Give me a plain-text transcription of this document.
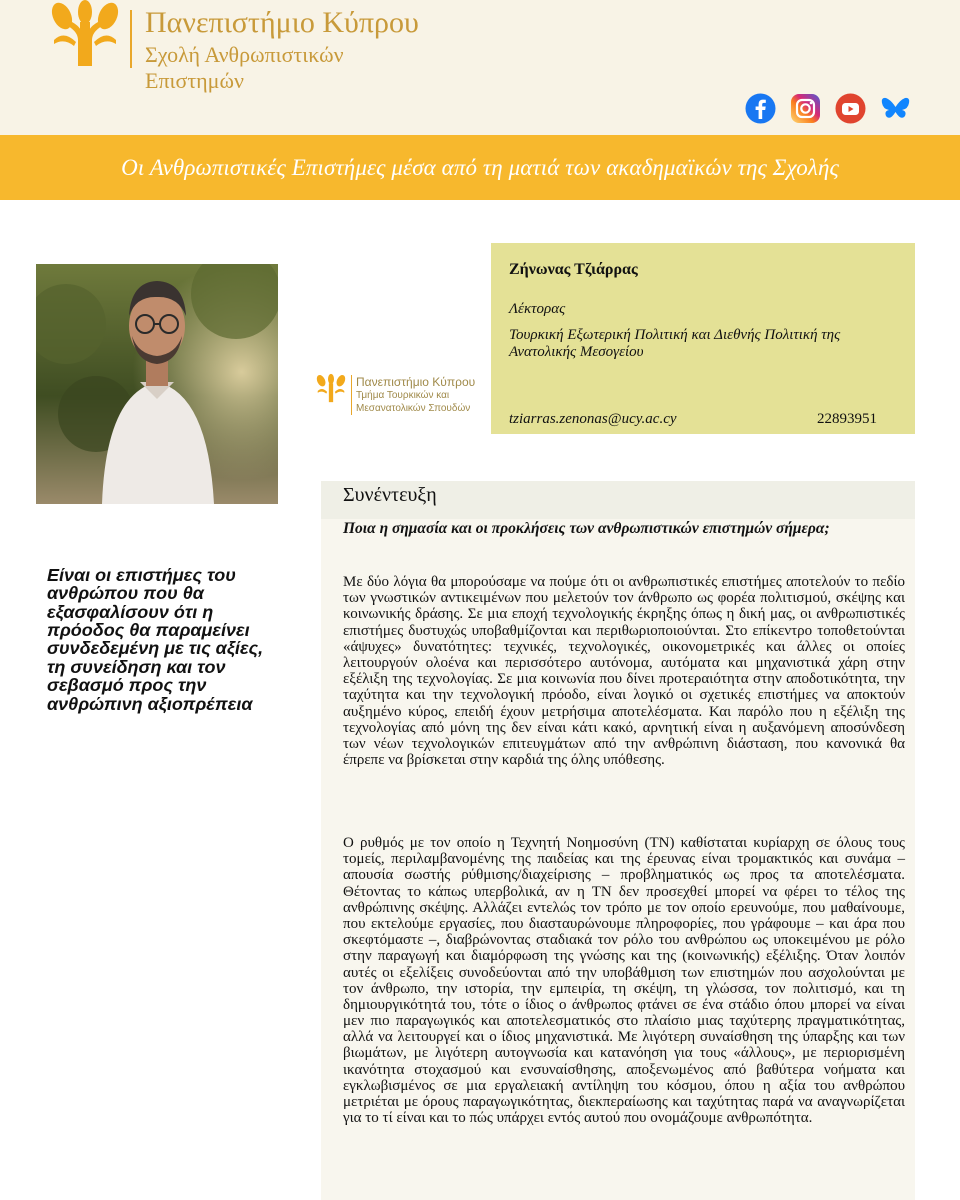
Πανεπιστήμιο Κύπρου
Σχολή Ανθρωπιστικών Επιστημών
Οι Ανθρωπιστικές Επιστήμες μέσα από τη ματιά των ακαδημαϊκών της Σχολής
Πανεπιστήμιο Κύπρου
Τμήμα Τουρκικών και Μεσανατολικών Σπουδών
Ζήνωνας Τζιάρρας
Λέκτορας
Τουρκική Εξωτερική Πολιτική και Διεθνής Πολιτική της Ανατολικής Μεσογείου
tziarras.zenonas@ucy.ac.cy	22893951
Συνέντευξη
Ποια η σημασία και οι προκλήσεις των ανθρωπιστικών επιστημών σήμερα;
Με δύο λόγια θα μπορούσαμε να πούμε ότι οι ανθρωπιστικές επιστήμες αποτελούν το πεδίο των γνωστικών αντικειμένων που μελετούν τον άνθρωπο ως φορέα πολιτισμού, σκέψης και κοινωνικής δράσης. Σε μια εποχή τεχνολογικής έκρηξης όπως η δική μας, οι ανθρωπιστικές επιστήμες δυστυχώς υποβαθμίζονται και περιθωριοποιούνται. Στο επίκεντρο τοποθετούνται «άψυχες» δυνατότητες: τεχνικές, τεχνολογικές, οικονομετρικές και άλλες οι οποίες λειτουργούν ολοένα και περισσότερο αυτόνομα, αυτόματα και μηχανιστικά χάρη στην εξέλιξη της τεχνολογίας. Σε μια κοινωνία που δίνει προτεραιότητα στην αποδοτικότητα, την ταχύτητα και την τεχνολογική πρόοδο, είναι λογικό οι σχετικές επιστήμες να αποκτούν αυξημένο κύρος, επειδή έχουν μετρήσιμα αποτελέσματα. Και παρόλο που η εξέλιξη της τεχνολογίας από μόνη της δεν είναι κάτι κακό, αρνητική είναι η αυξανόμενη αποσύνδεση των νέων τεχνολογικών επιτευγμάτων από την ανθρώπινη διάσταση, που κανονικά θα έπρεπε να βρίσκεται στην καρδιά της όλης υπόθεσης.
Ο ρυθμός με τον οποίο η Τεχνητή Νοημοσύνη (ΤΝ) καθίσταται κυρίαρχη σε όλους τους τομείς, περιλαμβανομένης της παιδείας και της έρευνας είναι τρομακτικός και συνάμα – απουσία σωστής ρύθμισης/διαχείρισης – προβληματικός ως προς τα αποτελέσματα. Θέτοντας το κάπως υπερβολικά, αν η ΤΝ δεν προσεχθεί μπορεί να φέρει το τέλος της ανθρώπινης σκέψης. Αλλάζει εντελώς τον τρόπο με τον οποίο ερευνούμε, που μαθαίνουμε, που εκτελούμε εργασίες, που διασταυρώνουμε πληροφορίες, που γράφουμε – και άρα που σκεφτόμαστε –, διαβρώνοντας σταδιακά τον ρόλο του ανθρώπου ως υποκειμένου με ρόλο στην παραγωγή και διαμόρφωση της γνώσης και της (κοινωνικής) εξέλιξης. Όταν λοιπόν αυτές οι εξελίξεις συνοδεύονται από την υποβάθμιση των επιστημών που ασχολούνται με τον άνθρωπο, την ιστορία, την εμπειρία, τη σκέψη, τη γλώσσα, τον πολιτισμό, και τη δημιουργικότητά του, τότε ο ίδιος ο άνθρωπος φτάνει σε ένα στάδιο όπου μπορεί να είναι μεν πιο παραγωγικός και αποτελεσματικός στο πλαίσιο μιας ταχύτερης πραγματικότητας, αλλά να λειτουργεί και ο ίδιος μηχανιστικά. Με λιγότερη συναίσθηση της ύπαρξης και των βιωμάτων, με λιγότερη αυτογνωσία και κατανόηση για τους «άλλους», με περιορισμένη ικανότητα στοχασμού και ενσυναίσθησης, αποξενωμένος από βαθύτερα νοήματα και εγκλωβισμένος σε μια εργαλειακή αντίληψη του κόσμου, όπου η αξία του ανθρώπου μετριέται με όρους παραγωγικότητας, διεκπεραίωσης και ταχύτητας παρά να αναγνωρίζεται για το τί είναι και το πώς υπάρχει εντός αυτού που ονομάζουμε ανθρωπότητα.
Είναι οι επιστήμες του ανθρώπου που θα εξασφαλίσουν ότι η πρόοδος θα παραμείνει συνδεδεμένη με τις αξίες, τη συνείδηση και τον σεβασμό προς την ανθρώπινη αξιοπρέπεια
